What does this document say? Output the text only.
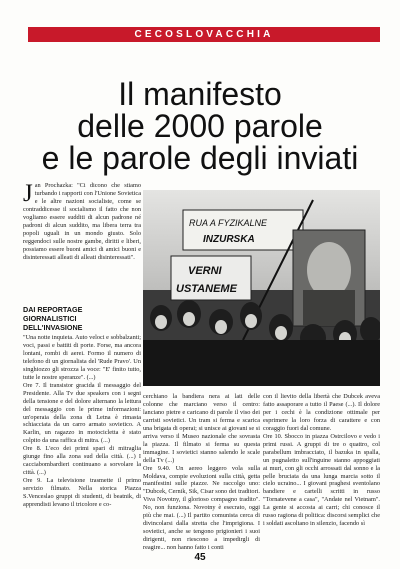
CECOSLOVACCHIA
Il manifesto
delle 2000 parole
e le parole degli inviati
J an Prochazka: "Ci dicono che stiamo turbando i rapporti con l'Unione Sovietica e le altre nazioni socialiste, come se contraddicesse il socialismo il fatto che non vogliamo essere sudditi di alcun padrone né padroni di alcun suddito, ma libera terra tra popoli uguali in un mondo giusto. Solo reggendoci sulle nostre gambe, diritti e liberi, possiamo essere buoni amici di amici buoni e disinteressati alleati di alleati disinteressati".
DAI REPORTAGE
GIORNALISTICI
DELL'INVASIONE

"Una notte inquieta. Auto veloci e sobbalzanti; voci, passi e battiti di porte. Forse, ma ancora lontani, rombi di aerei. Formo il numero di telefono di un giornalista del 'Rude Pravo'. Un singhiozzo gli strozza la voce: "E' finito tutto, tutte le nostre speranze". (...)

Ore 7. Il transistor gracida il messaggio del Presidente. Alla Tv due speakers con i segni della tensione e del dolore alternano la lettura del messaggio con le prime informazioni: un'operaia della zona di Letna è rimasta schiacciata da un carro armato sovietico. A Karlin, un ragazzo in motocicletta è stato colpito da una raffica di mitra. (...)

Ore 8. L'eco dei primi spari di mitraglia giunge fino alla zona sud della città. (...) I cacciabombardieri continuano a sorvolare la città. (...)

Ore 9. La televisione trasmette il primo servizio filmato. Nella storica Piazza S.Venceslao gruppi di studenti, di beatnik, di apprendisti levano il tricolore e co-

RUA A FYZIKALNE
INZURSKA
VERNI
USTANEME

cerchiano la bandiera nera ai lati delle colonne che marciano verso il centro: lanciano pietre e caricano di parole il viso dei carristi sovietici. Un tram si ferma e scarica una brigata di operai; si unisce ai giovani se si arriva verso il Museo nazionale che sovrasta la piazza. Il filmato si ferma su questa immagine. I sovietici stanno salendo le scale della Tv (...)

Ore 9.40. Un aereo leggero vola sulla Moldava, compie evoluzioni sulla città, getta manifestini sulle piazze. Ne raccolgo uno: "Dubcek, Cernik, Sik, Cisar sono dei traditori. Viva Novotny, il glorioso compagno tradito". No, non funziona. Novotny è esecrato, oggi più che mai. (...) Il partito comunista cerca di divincolarsi dalla stretta che l'imprigiona. I sovietici, anche se tengono prigionieri i suoi dirigenti, non riescono a impedirgli di reagire... non hanno fatto i conti

con il lievito della libertà che Dubcek aveva fatto assaporare a tutto il Paese (...). Il dolore per i cechi è la condizione ottimale per esprimere la loro forza di carattere e con coraggio fuori dal comune.

Ore 10. Sbocco in piazza Ostrcilovo e vedo i primi russi. A gruppi di tre o quattro, col parabellum imbracciato, il bazuka in spalla, un pugnaletto sull'inguine stanno appoggiati ai muri, con gli occhi arrossati dal sonno e la pelle bruciata da una lunga marcia sotto il cielo ucraino... I giovani praghesi sventolano bandiere e cartelli scritti in russo "Tornatevene a casa", "Andate nel Vietnam". La gente si accosta ai carri; chi conosce il russo ragiona di politica: discorsi semplici che i soldati ascoltano in silenzio, facendo sì

45
